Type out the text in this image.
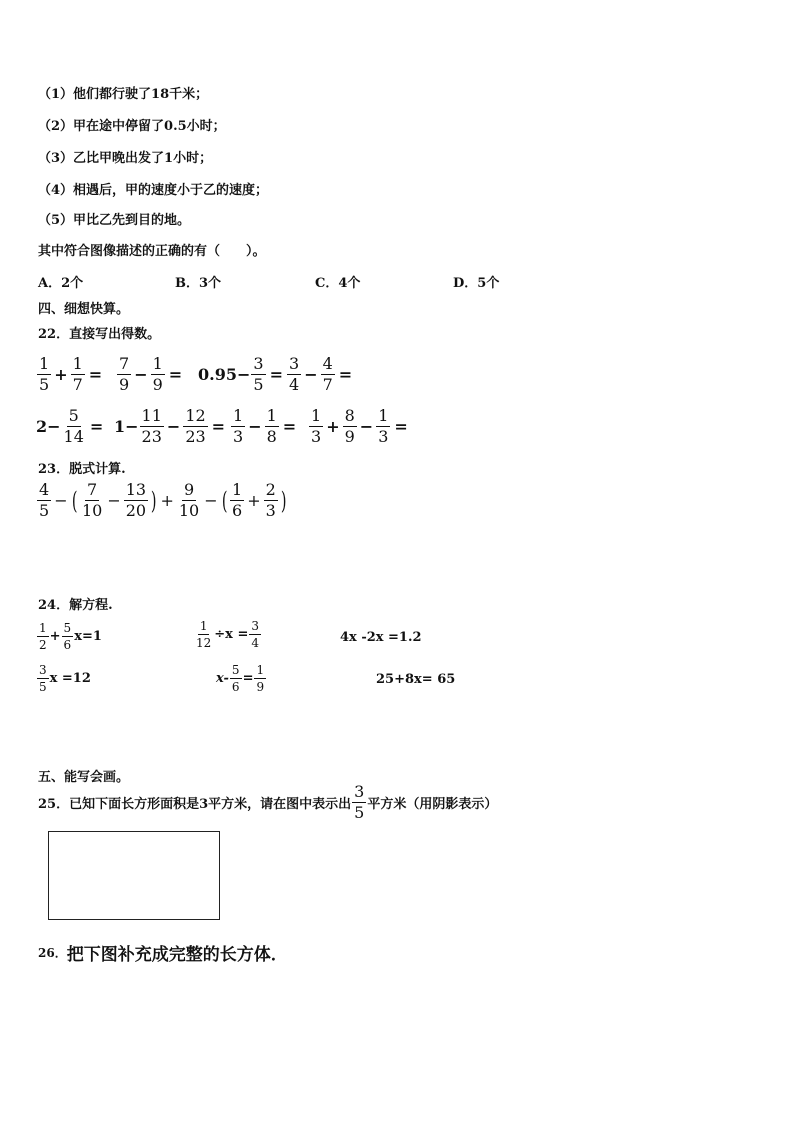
（1）他们都行驶了18千米；
（2）甲在途中停留了0.5小时；
（3）乙比甲晚出发了1小时；
（4）相遇后，甲的速度小于乙的速度；
（5）甲比乙先到目的地。
其中符合图像描述的正确的有（　　）。
A．2个	B．3个	C．4个	D．5个
四、细想快算。
22．直接写出得数。
$\frac{1}{5} + \frac{1}{7} = \frac{7}{9} - \frac{1}{9} = 0.95- \frac{3}{5} = \frac{3}{4} - \frac{4}{7}$ =
$2- \frac{5}{14} = 1- \frac{11}{23} - \frac{12}{23} = \frac{1}{3} - \frac{1}{8} = \frac{1}{3} + \frac{8}{9} - \frac{1}{3}$ =
23．脱式计算.
$\frac{4}{5}$ − ( $\frac{7}{10} - \frac{13}{20}$ ) + $\frac{9}{10}$ − ( $\frac{1}{6} + \frac{2}{3}$ )
24．解方程.
$\frac{1}{2} + \frac{5}{6} x=1$	$\frac{1}{12} \div x = \frac{3}{4}$	4x -2x =1.2
$\frac{3}{5}$ x =12	$x- \frac{5}{6} = \frac{1}{9}$	25+8x= 65
五、能写会画。
25．已知下面长方形面积是3平方米，请在图中表示出 $\frac{3}{5}$ 平方米（用阴影表示）
26． 把下图补充成完整的长方体．
